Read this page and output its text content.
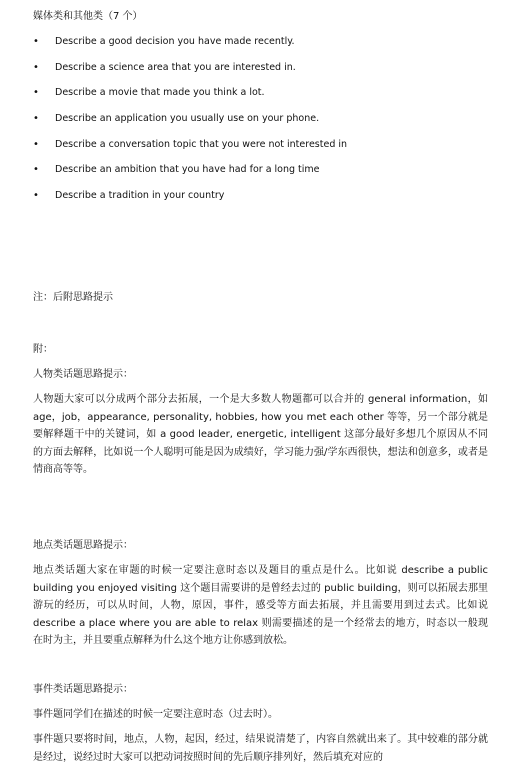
媒体类和其他类（7 个）
• Describe a good decision you have made recently.
• Describe a science area that you are interested in.
• Describe a movie that made you think a lot.
• Describe an application you usually use on your phone.
• Describe a conversation topic that you were not interested in
• Describe an ambition that you have had for a long time
• Describe a tradition in your country
注：后附思路提示
附：
人物类话题思路提示：
人物题大家可以分成两个部分去拓展，一个是大多数人物题都可以合并的 general information，如 age，job，appearance, personality, hobbies, how you met each other 等等，另一个部分就是要解释题干中的关键词，如 a good leader, energetic, intelligent 这部分最好多想几个原因从不同的方面去解释，比如说一个人聪明可能是因为成绩好，学习能力强/学东西很快，想法和创意多，或者是情商高等等。
地点类话题思路提示：
地点类话题大家在审题的时候一定要注意时态以及题目的重点是什么。比如说 describe a public building you enjoyed visiting 这个题目需要讲的是曾经去过的 public building，则可以拓展去那里游玩的经历，可以从时间，人物，原因，事件，感受等方面去拓展，并且需要用到过去式。比如说 describe a place where you are able to relax 则需要描述的是一个经常去的地方，时态以一般现在时为主，并且要重点解释为什么这个地方让你感到放松。
事件类话题思路提示：
事件题同学们在描述的时候一定要注意时态（过去时）。
事件题只要将时间，地点，人物，起因，经过，结果说清楚了，内容自然就出来了。其中较难的部分就是经过，说经过时大家可以把动词按照时间的先后顺序排列好，然后填充对应的
